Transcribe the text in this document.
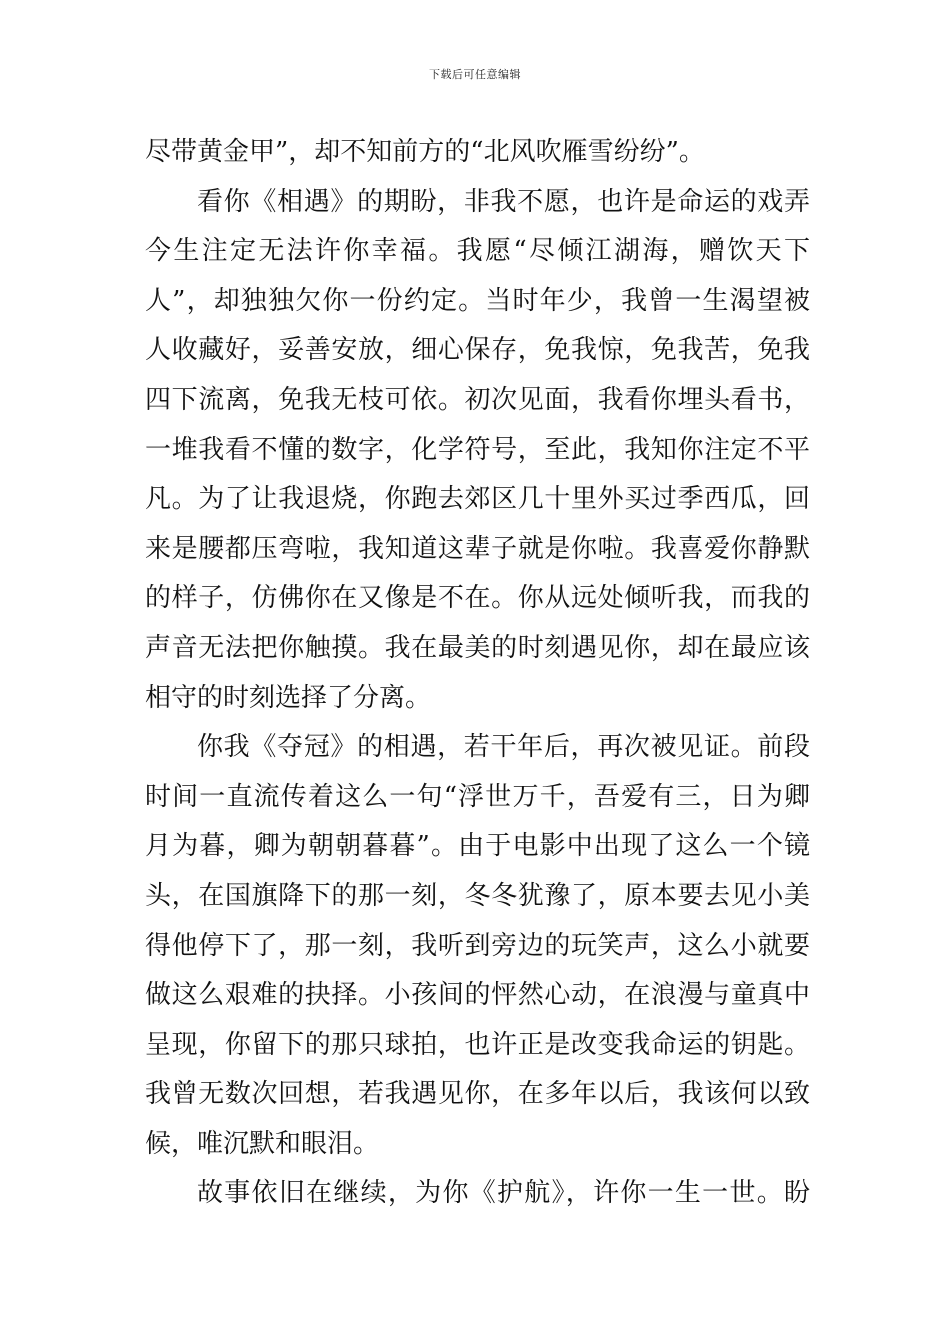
下载后可任意编辑
尽带黄金甲”，却不知前方的“北风吹雁雪纷纷”。
看你《相遇》的期盼，非我不愿，也许是命运的戏弄
今生注定无法许你幸福。我愿“尽倾江湖海，赠饮天下
人”，却独独欠你一份约定。当时年少，我曾一生渴望被
人收藏好，妥善安放，细心保存，免我惊，免我苦，免我
四下流离，免我无枝可依。初次见面，我看你埋头看书，
一堆我看不懂的数字，化学符号，至此，我知你注定不平
凡。为了让我退烧，你跑去郊区几十里外买过季西瓜，回
来是腰都压弯啦，我知道这辈子就是你啦。我喜爱你静默
的样子，仿佛你在又像是不在。你从远处倾听我，而我的
声音无法把你触摸。我在最美的时刻遇见你，却在最应该
相守的时刻选择了分离。
你我《夺冠》的相遇，若干年后，再次被见证。前段
时间一直流传着这么一句“浮世万千，吾爱有三，日为卿
月为暮，卿为朝朝暮暮”。由于电影中出现了这么一个镜
头，在国旗降下的那一刻，冬冬犹豫了，原本要去见小美
得他停下了，那一刻，我听到旁边的玩笑声，这么小就要
做这么艰难的抉择。小孩间的怦然心动，在浪漫与童真中
呈现，你留下的那只球拍，也许正是改变我命运的钥匙。
我曾无数次回想，若我遇见你，在多年以后，我该何以致
候，唯沉默和眼泪。
故事依旧在继续，为你《护航》，许你一生一世。盼
